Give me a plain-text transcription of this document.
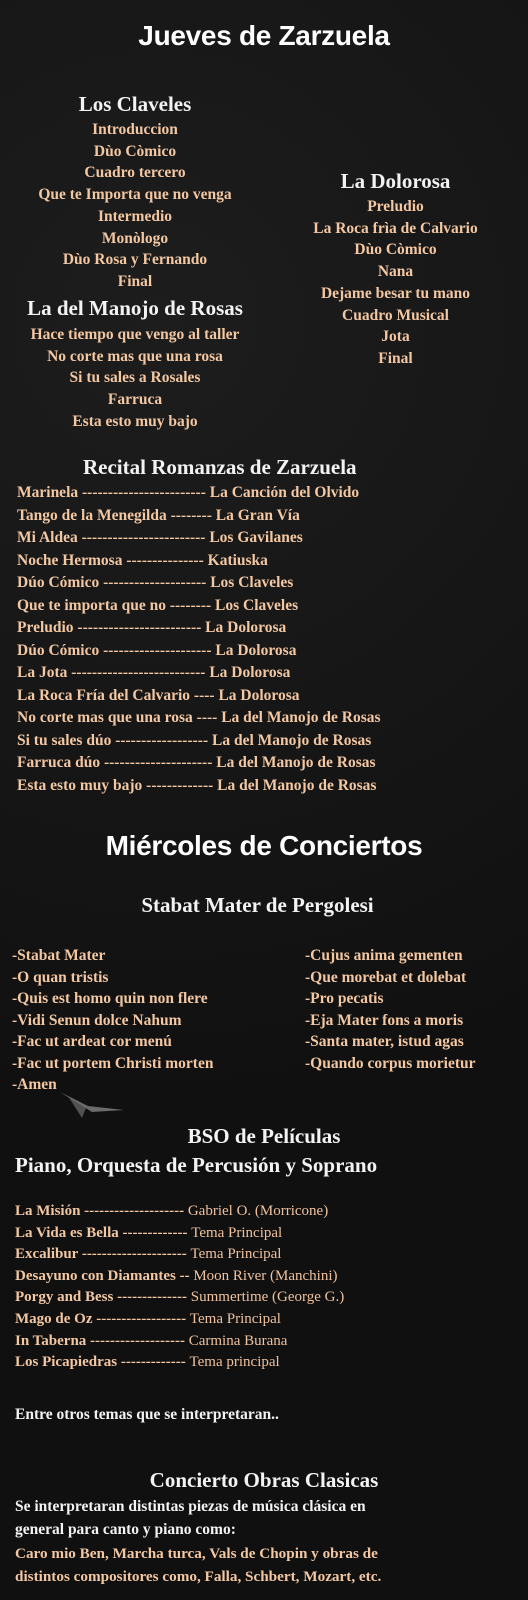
Jueves de Zarzuela
Los Claveles
Introduccion
Dùo Còmico
Cuadro tercero
Que te Importa que no venga
Intermedio
Monòlogo
Dùo Rosa y Fernando
Final
La del Manojo de Rosas
Hace tiempo que vengo al taller
No corte mas que una rosa
Si tu sales a Rosales
Farruca
Esta esto muy bajo
La Dolorosa
Preludio
La Roca frìa de Calvario
Dùo Còmico
Nana
Dejame besar tu mano
Cuadro Musical
Jota
Final
Recital Romanzas de Zarzuela
Marinela ------------------------ La Canción del Olvido
Tango de la Menegilda -------- La Gran Vía
Mi Aldea ------------------------ Los Gavilanes
Noche Hermosa --------------- Katiuska
Dúo Cómico -------------------- Los Claveles
Que te importa que no -------- Los Claveles
Preludio ------------------------ La Dolorosa
Dúo Cómico --------------------- La Dolorosa
La Jota -------------------------- La Dolorosa
La Roca Fría del Calvario ---- La Dolorosa
No corte mas que una rosa ---- La del Manojo de Rosas
Si tu sales dúo ------------------ La del Manojo de Rosas
Farruca dúo --------------------- La del Manojo de Rosas
Esta esto muy bajo ------------- La del Manojo de Rosas
Miércoles de Conciertos
Stabat Mater de Pergolesi
-Stabat Mater
-O quan tristis
-Quis est homo quin non flere
-Vidi Senun dolce Nahum
-Fac ut ardeat cor menú
-Fac ut portem Christi morten
-Amen
-Cujus anima gementen
-Que morebat et dolebat
-Pro pecatis
-Eja Mater fons a moris
-Santa mater, istud agas
-Quando corpus morietur
BSO de Películas
Piano, Orquesta de Percusión y Soprano
La Misión -------------------- Gabriel O. (Morricone)
La Vida es Bella ------------- Tema Principal
Excalibur --------------------- Tema Principal
Desayuno con Diamantes -- Moon River (Manchini)
Porgy and Bess -------------- Summertime (George G.)
Mago de Oz ------------------ Tema Principal
In Taberna ------------------- Carmina Burana
Los Picapiedras ------------- Tema principal
Entre otros temas que se interpretaran..
Concierto Obras Clasicas
Se interpretaran distintas piezas de música clásica en
general para canto y piano como:
Caro mio Ben, Marcha turca, Vals de Chopin y obras de
distintos compositores como, Falla, Schbert, Mozart, etc.
